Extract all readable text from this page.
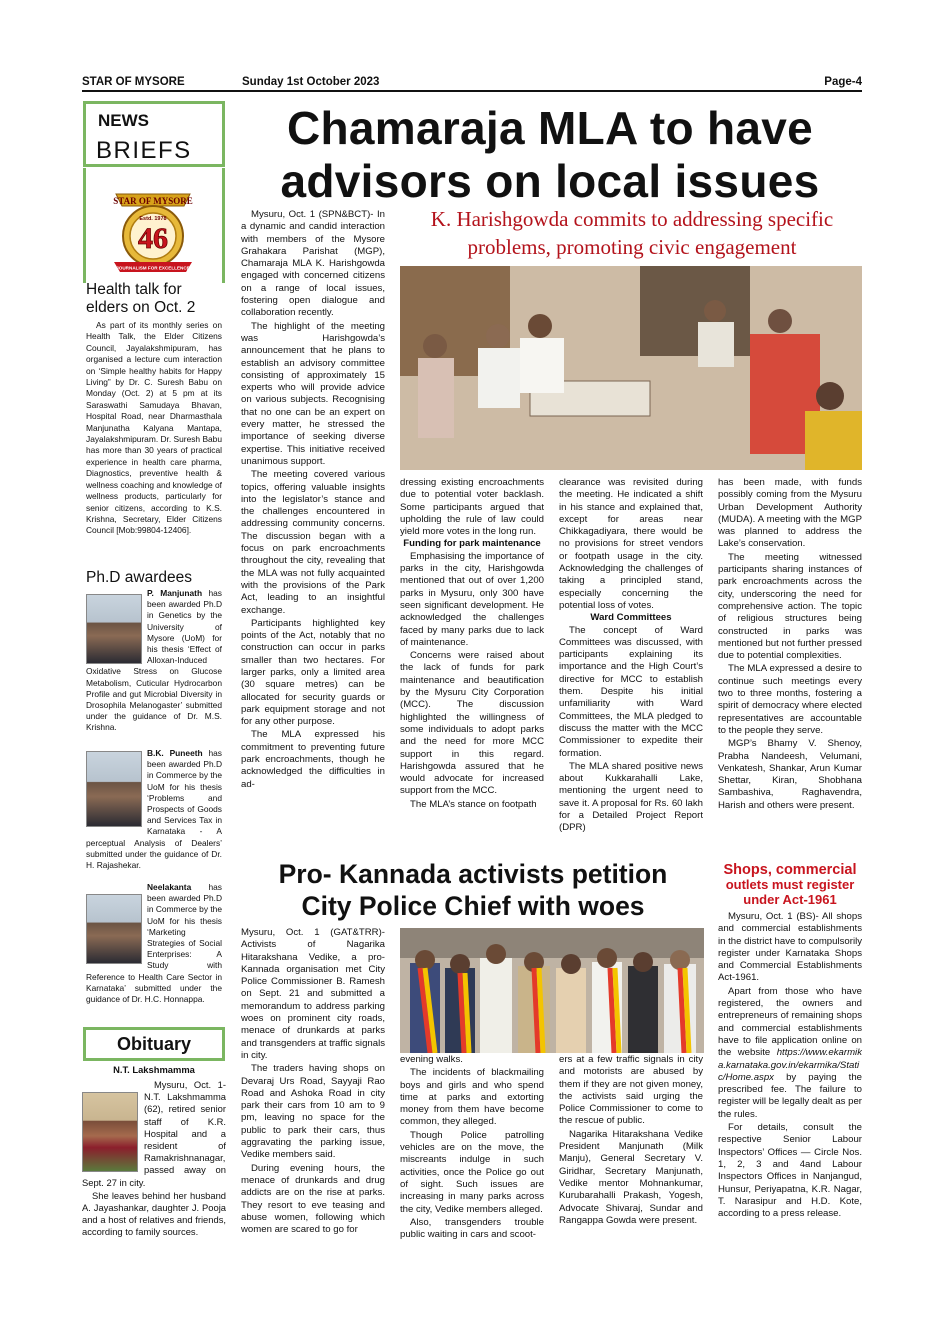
STAR OF MYSORE	Sunday 1st October 2023	Page-4
NEWS
BRIEFS
STAR OF MYSORE
Estd. 1978
46
JOURNALISM FOR EXCELLENCE
Health talk for elders on Oct. 2
As part of its monthly series on Health Talk, the Elder Citizens Council, Jayalakshmipuram, has organised a lecture cum interaction on ‘Simple healthy habits for Happy Living” by Dr. C. Suresh Babu on Monday (Oct. 2) at 5 pm at its Saraswathi Samudaya Bhavan, Hospital Road, near Dharmasthala Manjunatha Kalyana Mantapa, Jayalakshmipuram. Dr. Suresh Babu has more than 30 years of practical experience in health care pharma, Diagnostics, preventive health & wellness coaching and knowledge of wellness products, particularly for senior citizens, according to K.S. Krishna, Secretary, Elder Citizens Council [Mob:99804-12406].
Ph.D awardees
P. Manjunath has been awarded Ph.D in Genetics by the University of Mysore (UoM) for his thesis ‘Effect of Alloxan-Induced Oxidative Stress on Glucose Metabolism, Cuticular Hydrocarbon Profile and gut Microbial Diversity in Drosophila Melanogaster’ submitted under the guidance of Dr. M.S. Krishna.
B.K. Puneeth has been awarded Ph.D in Commerce by the UoM for his thesis ‘Problems and Prospects of Goods and Services Tax in Karnataka - A perceptual Analysis of Dealers’ submitted under the guidance of Dr. H. Rajashekar.
Neelakanta has been awarded Ph.D in Commerce by the UoM for his thesis ‘Marketing Strategies of Social Enterprises: A Study with Reference to Health Care Sector in Karnataka’ submitted under the guidance of Dr. H.C. Honnappa.
Obituary
N.T. Lakshmamma
Mysuru, Oct. 1- N.T. Lakshmamma (62), retired senior staff of K.R. Hospital and a resident of Ramakrishnanagar, passed away on Sept. 27 in city.
She leaves behind her husband A. Jayashankar, daughter J. Pooja and a host of relatives and friends, according to family sources.
Chamaraja MLA to have
advisors on local issues
K. Harishgowda commits to addressing specific
problems, promoting civic engagement
Mysuru, Oct. 1 (SPN&BCT)- In a dynamic and candid interaction with members of the Mysore Grahakara Parishat (MGP), Chamaraja MLA K. Harishgowda engaged with concerned citizens on a range of local issues, fostering open dialogue and collaboration recently.
The highlight of the meeting was Harishgowda’s announcement that he plans to establish an advisory committee consisting of approximately 15 experts who will provide advice on various subjects. Recognising that no one can be an expert on every matter, he stressed the importance of seeking diverse expertise. This initiative received unanimous support.
The meeting covered various topics, offering valuable insights into the legislator’s stance and the challenges encountered in addressing community concerns. The discussion began with a focus on park encroachments throughout the city, revealing that the MLA was not fully acquainted with the provisions of the Park Act, leading to an insightful exchange.
Participants highlighted key points of the Act, notably that no construction can occur in parks smaller than two hectares. For larger parks, only a limited area (30 square metres) can be allocated for security guards or park equipment storage and not for any other purpose.
The MLA expressed his commitment to preventing future park encroachments, though he acknowledged the difficulties in ad-
dressing existing encroachments due to potential voter backlash. Some participants argued that upholding the rule of law could yield more votes in the long run.
Funding for park maintenance
Emphasising the importance of parks in the city, Harishgowda mentioned that out of over 1,200 parks in Mysuru, only 300 have seen significant development. He acknowledged the challenges faced by many parks due to lack of maintenance.
Concerns were raised about the lack of funds for park maintenance and beautification by the Mysuru City Corporation (MCC). The discussion highlighted the willingness of some individuals to adopt parks and the need for more MCC support in this regard. Harishgowda assured that he would advocate for increased support from the MCC.
The MLA’s stance on footpath
clearance was revisited during the meeting. He indicated a shift in his stance and explained that, except for areas near Chikkagadiyara, there would be no provisions for street vendors or footpath usage in the city. Acknowledging the challenges of taking a principled stand, especially concerning the potential loss of votes.
Ward Committees
The concept of Ward Committees was discussed, with participants explaining its importance and the High Court’s directive for MCC to establish them. Despite his initial unfamiliarity with Ward Committees, the MLA pledged to discuss the matter with the MCC Commissioner to expedite their formation.
The MLA shared positive news about Kukkarahalli Lake, mentioning the urgent need to save it. A proposal for Rs. 60 lakh for a Detailed Project Report (DPR)
has been made, with funds possibly coming from the Mysuru Urban Development Authority (MUDA). A meeting with the MGP was planned to address the Lake’s conservation.
The meeting witnessed participants sharing instances of park encroachments across the city, underscoring the need for comprehensive action. The topic of religious structures being constructed in parks was mentioned but not further pressed due to potential complexities.
The MLA expressed a desire to continue such meetings every two to three months, fostering a spirit of democracy where elected representatives are accountable to the people they serve.
MGP’s Bhamy V. Shenoy, Prabha Nandeesh, Velumani, Venkatesh, Shankar, Arun Kumar Shettar, Kiran, Shobhana Sambashiva, Raghavendra, Harish and others were present.
Pro- Kannada activists petition
City Police Chief with woes
Mysuru, Oct. 1 (GAT&TRR)- Activists of Nagarika Hitarakshana Vedike, a pro-Kannada organisation met City Police Commissioner B. Ramesh on Sept. 21 and submitted a memorandum to address parking woes on prominent city roads, menace of drunkards at parks and transgenders at traffic signals in city.
The traders having shops on Devaraj Urs Road, Sayyaji Rao Road and Ashoka Road in city park their cars from 10 am to 9 pm, leaving no space for the public to park their cars, thus aggravating the parking issue, Vedike members said.
During evening hours, the menace of drunkards and drug addicts are on the rise at parks. They resort to eve teasing and abuse women, following which women are scared to go for
evening walks.
The incidents of blackmailing boys and girls and who spend time at parks and extorting money from them have become common, they alleged.
Though Police patrolling vehicles are on the move, the miscreants indulge in such activities, once the Police go out of sight. Such issues are increasing in many parks across the city, Vedike members alleged.
Also, transgenders trouble public waiting in cars and scoot-
ers at a few traffic signals in city and motorists are abused by them if they are not given money, the activists said urging the Police Commissioner to come to the rescue of public.
Nagarika Hitarakshana Vedike President Manjunath (Milk Manju), General Secretary V. Giridhar, Secretary Manjunath, Vedike mentor Mohnankumar, Kurubarahalli Prakash, Yogesh, Advocate Shivaraj, Sundar and Rangappa Gowda were present.
Shops, commercial
outlets must register
under Act-1961
Mysuru, Oct. 1 (BS)- All shops and commercial establishments in the district have to compulsorily register under Karnataka Shops and Commercial Establishments Act-1961.
Apart from those who have registered, the owners and entrepreneurs of remaining shops and commercial establishments have to file application online on the website https://www.ekarmika.karnataka.gov.in/ekarmika/Static/Home.aspx by paying the prescribed fee. The failure to register will be legally dealt as per the rules.
For details, consult the respective Senior Labour Inspectors’ Offices — Circle Nos. 1, 2, 3 and 4and Labour Inspectors Offices in Nanjangud, Hunsur, Periyapatna, K.R. Nagar, T. Narasipur and H.D. Kote, according to a press release.
